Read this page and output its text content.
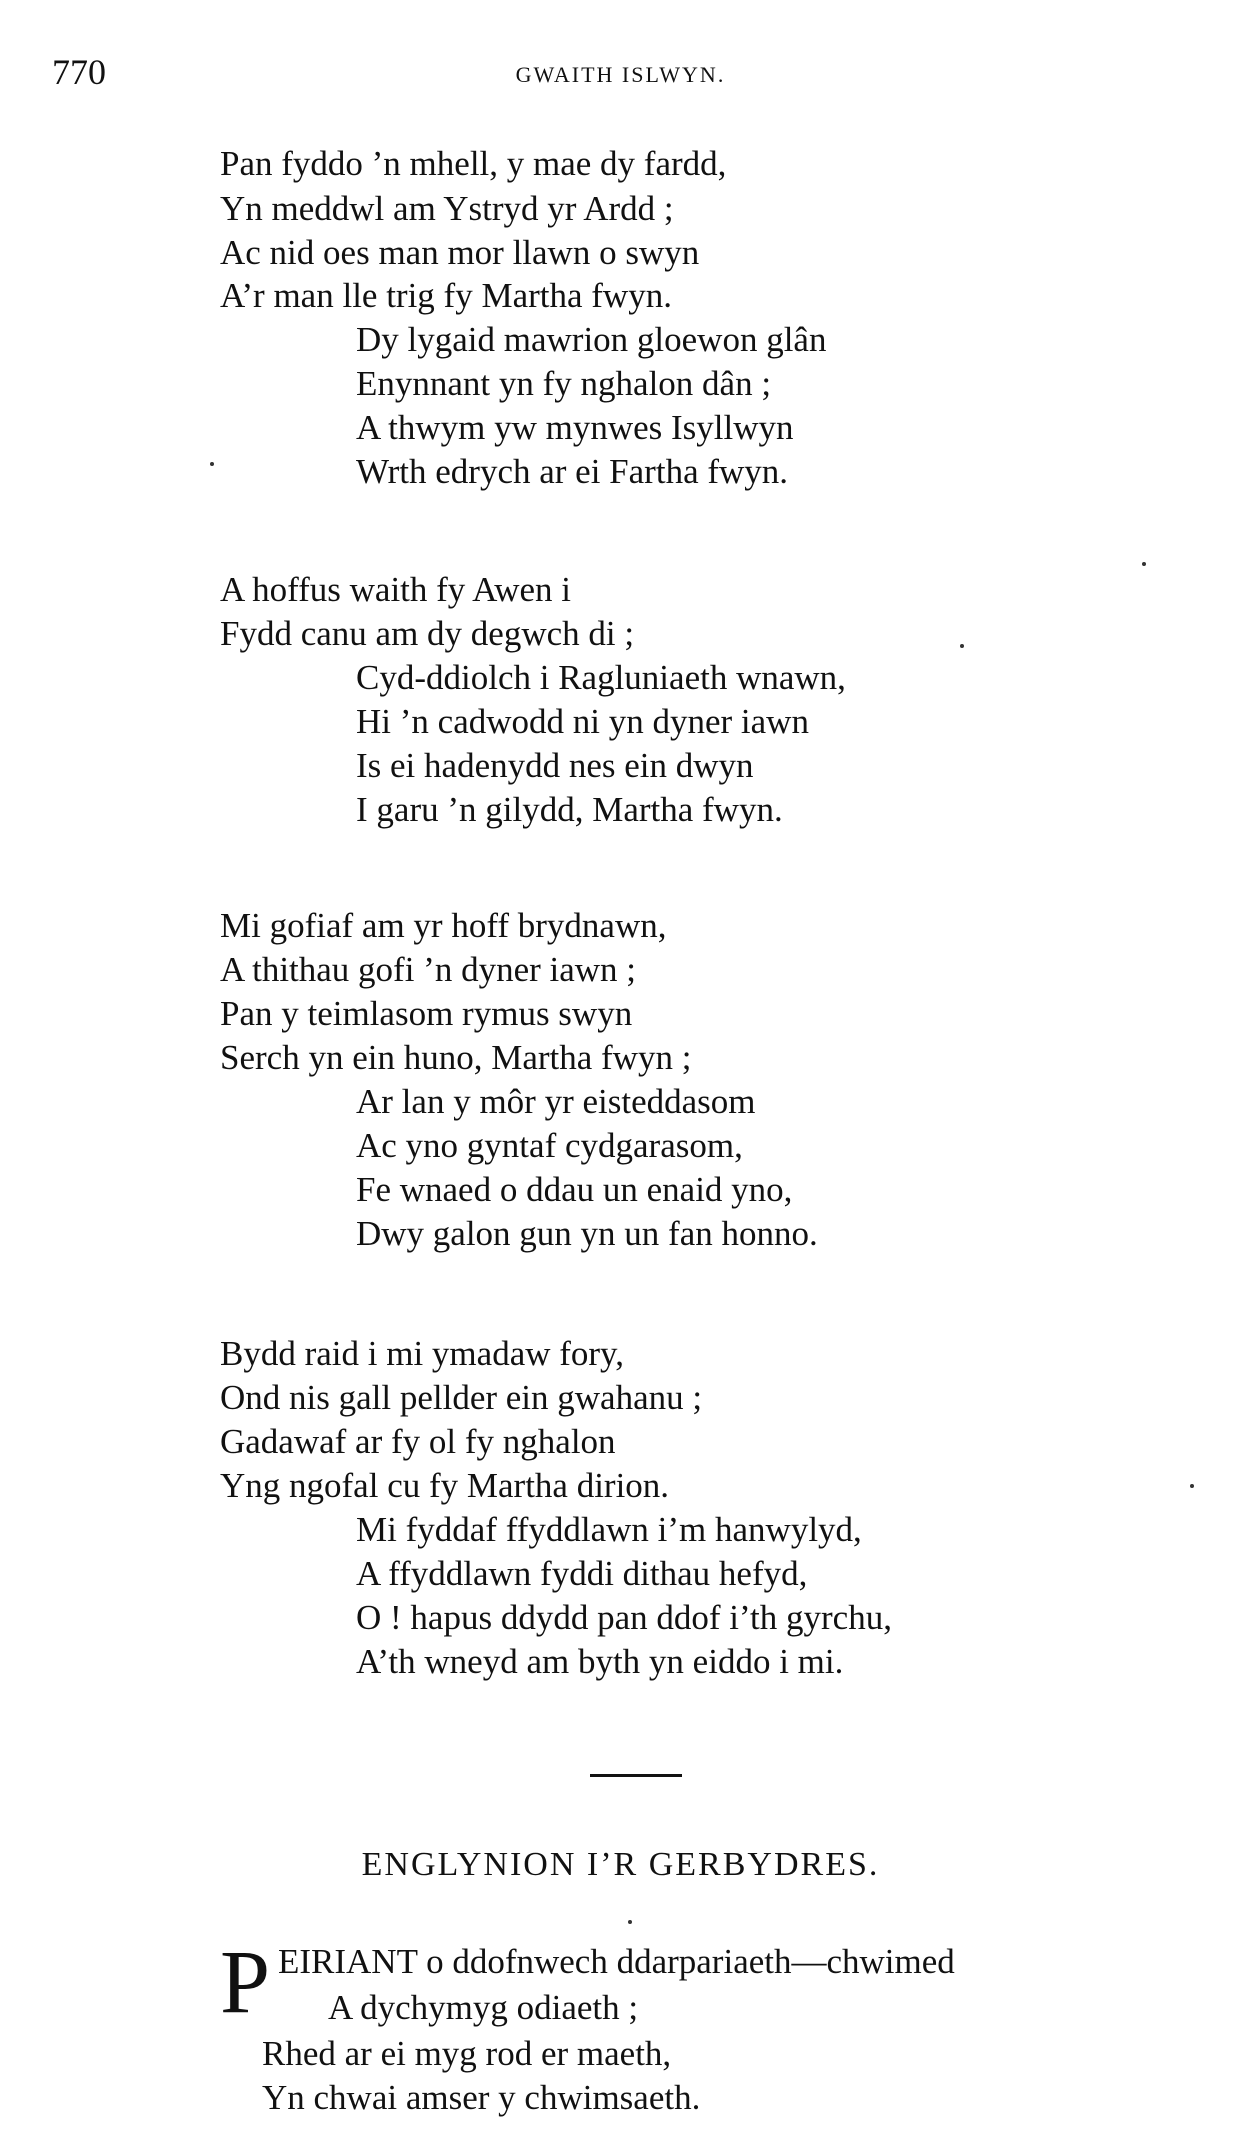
770	GWAITH ISLWYN.
Pan fyddo ’n mhell, y mae dy fardd,
Yn meddwl am Ystryd yr Ardd ;
Ac nid oes man mor llawn o swyn
A’r man lle trig fy Martha fwyn.
Dy lygaid mawrion gloewon glân
Enynnant yn fy nghalon dân ;
A thwym yw mynwes Isyllwyn
Wrth edrych ar ei Fartha fwyn.
A hoffus waith fy Awen i
Fydd canu am dy degwch di ;
Cyd-ddiolch i Ragluniaeth wnawn,
Hi ’n cadwodd ni yn dyner iawn
Is ei hadenydd nes ein dwyn
I garu ’n gilydd, Martha fwyn.
Mi gofiaf am yr hoff brydnawn,
A thithau gofi ’n dyner iawn ;
Pan y teimlasom rymus swyn
Serch yn ein huno, Martha fwyn ;
Ar lan y môr yr eisteddasom
Ac yno gyntaf cydgarasom,
Fe wnaed o ddau un enaid yno,
Dwy galon gun yn un fan honno.
Bydd raid i mi ymadaw fory,
Ond nis gall pellder ein gwahanu ;
Gadawaf ar fy ol fy nghalon
Yng ngofal cu fy Martha dirion.
Mi fyddaf ffyddlawn i’m hanwylyd,
A ffyddlawn fyddi dithau hefyd,
O ! hapus ddydd pan ddof i’th gyrchu,
A’th wneyd am byth yn eiddo i mi.
ENGLYNION I’R GERBYDRES.
P EIRIANT o ddofnwech ddarpariaeth—chwimed
A dychymyg odiaeth ;
Rhed ar ei myg rod er maeth,
Yn chwai amser y chwimsaeth.
